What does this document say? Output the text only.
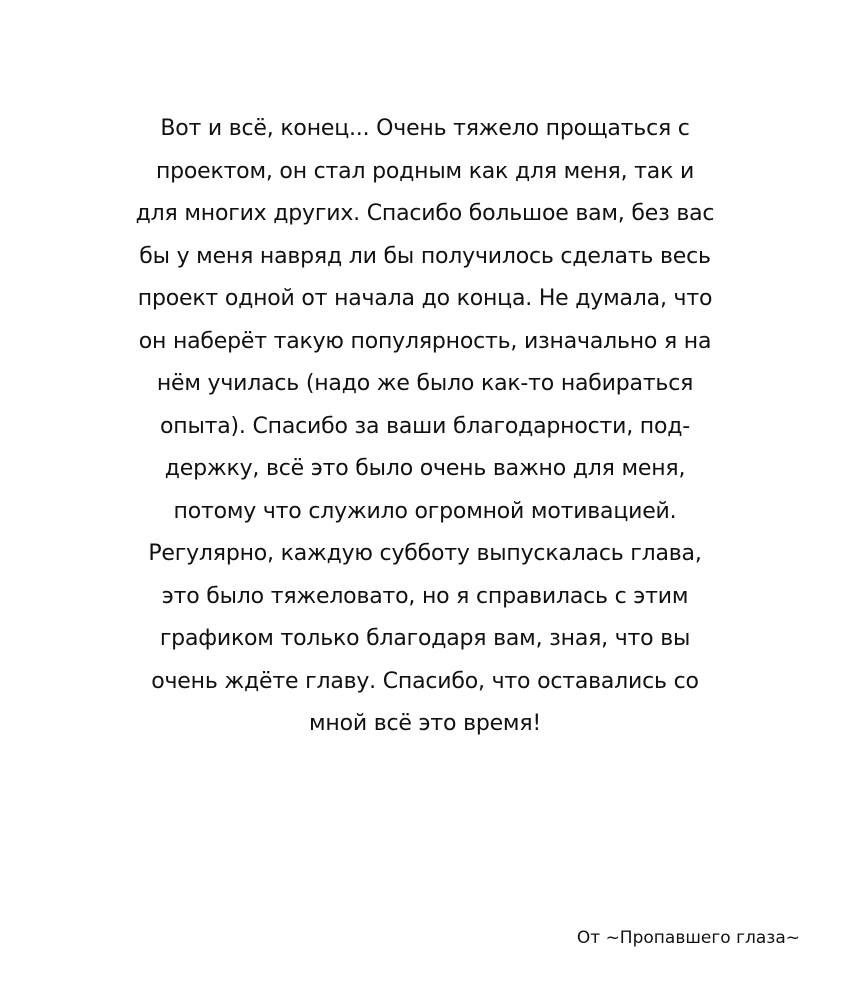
Вот и всё, конец... Очень тяжело прощаться с
проектом, он стал родным как для меня, так и
для многих других. Спасибо большое вам, без вас
бы у меня навряд ли бы получилось сделать весь
проект одной от начала до конца. Не думала, что
он наберёт такую популярность, изначально я на
нём училась (надо же было как-то набираться
опыта). Спасибо за ваши благодарности, под-
держку, всё это было очень важно для меня,
потому что служило огромной мотивацией.
Регулярно, каждую субботу выпускалась глава,
это было тяжеловато, но я справилась с этим
графиком только благодаря вам, зная, что вы
очень ждёте главу. Спасибо, что оставались со
мной всё это время!
От ~Пропавшего глаза~
